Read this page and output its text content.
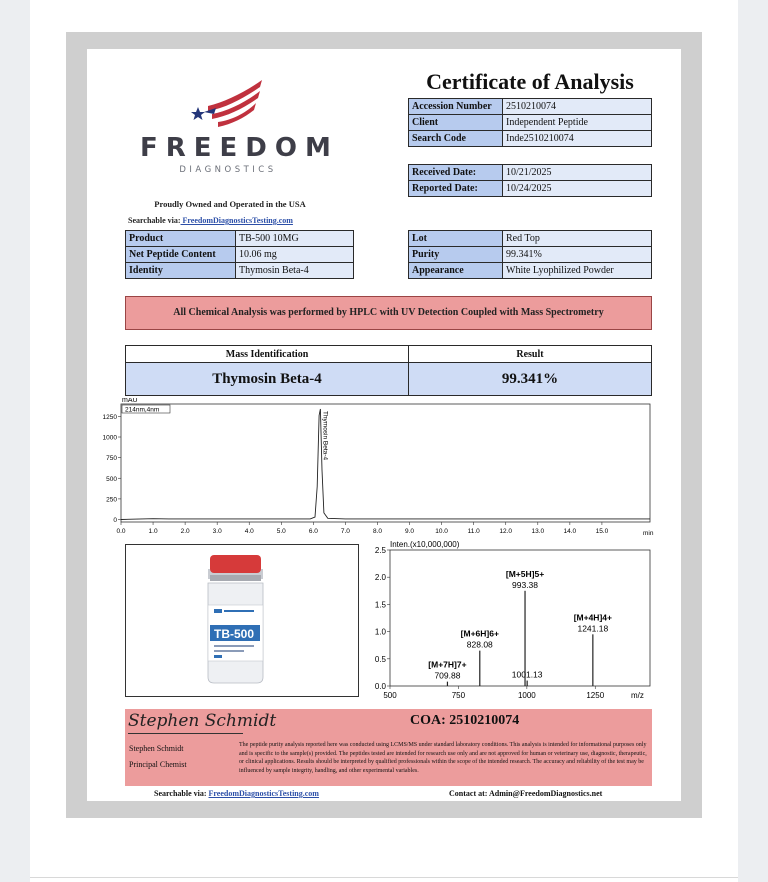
FREEDOM
DIAGNOSTICS
Proudly Owned and Operated in the USA
Searchable via: FreedomDiagnosticsTesting.com
Certificate of Analysis
Accession Number	2510210074
Client	Independent Peptide
Search Code	Inde2510210074
Received Date:	10/21/2025
Reported Date:	10/24/2025
Product	TB-500 10MG
Net Peptide Content	10.06 mg
Identity	Thymosin Beta-4
Lot	Red Top
Purity	99.341%
Appearance	White Lyophilized Powder
All Chemical Analysis was performed by HPLC with UV Detection Coupled with Mass Spectrometry
Mass Identification	Result
Thymosin Beta-4	99.341%
mAU
214nm,4nm
min
0.0	1.0	2.0	3.0	4.0	5.0	6.0	7.0	8.0	9.0	10.0	11.0	12.0	13.0	14.0	15.0
0
250
500
750
1000
1250	Thymosin Beta-4
TB-500
Inten.(x10,000,000)
m/z
500	750	1000	1250
0.0
0.5
1.0
1.5
2.0
2.5
709.88
[M+7H]7+
828.08
[M+6H]6+
993.38
[M+5H]5+
1001.13
1241.18
[M+4H]4+
Stephen Schmidt	COA: 2510210074
Stephen Schmidt
Principal Chemist
The peptide purity analysis reported here was conducted using LCMS/MS under standard laboratory conditions. This analysis is intended for informational purposes only and is specific to the sample(s) provided. The peptides tested are intended for research use only and are not approved for human or veterinary use, diagnostic, therapeutic, or clinical applications. Results should be interpreted by qualified professionals within the scope of the intended research. The accuracy and reliability of the test may be influenced by sample integrity, handling, and other experimental variables.
Searchable via: FreedomDiagnosticsTesting.com	Contact at: Admin@FreedomDiagnostics.net
